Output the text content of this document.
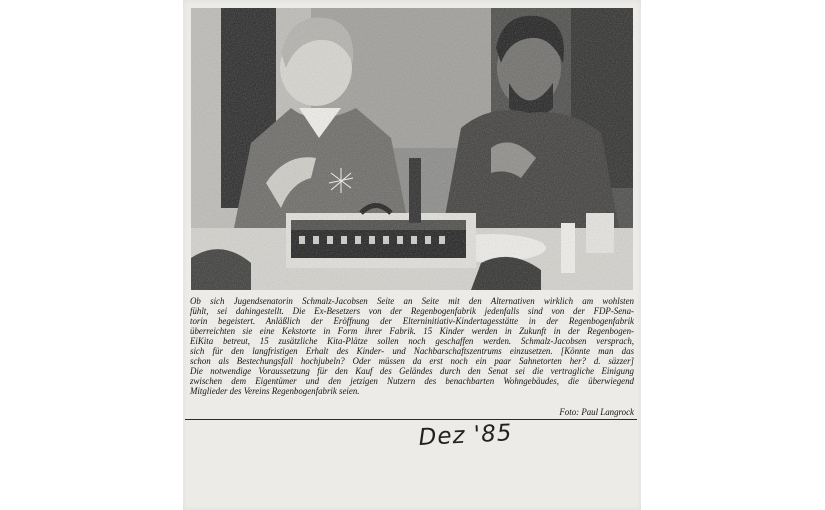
Ob sich Jugendsenatorin Schmalz-Jacobsen Seite an Seite mit den Alternativen wirklich am wohlsten
fühlt, sei dahingestellt. Die Ex-Besetzers von der Regenbogenfabrik jedenfalls sind von der FDP-Sena-
torin begeistert. Anläßlich der Eröffnung der Elterninitiativ-Kindertagesstätte in der Regenbogenfabrik
überreichten sie eine Kekstorte in Form ihrer Fabrik. 15 Kinder werden in Zukunft in der Regenbogen-
EiKita betreut, 15 zusätzliche Kita-Plätze sollen noch geschaffen werden. Schmalz-Jacobsen versprach,
sich für den langfristigen Erhalt des Kinder- und Nachbarschaftszentrums einzusetzen. [Könnte man das
schon als Bestechungsfall hochjubeln? Oder müssen da erst noch ein paar Sahnetorten her? d. säzzer]
Die notwendige Voraussetzung für den Kauf des Geländes durch den Senat sei die vertragliche Einigung
zwischen dem Eigentümer und den jetzigen Nutzern des benachbarten Wohngebäudes, die überwiegend
Mitglieder des Vereins Regenbogenfabrik seien.

Foto: Paul Langrock
Dez '85
